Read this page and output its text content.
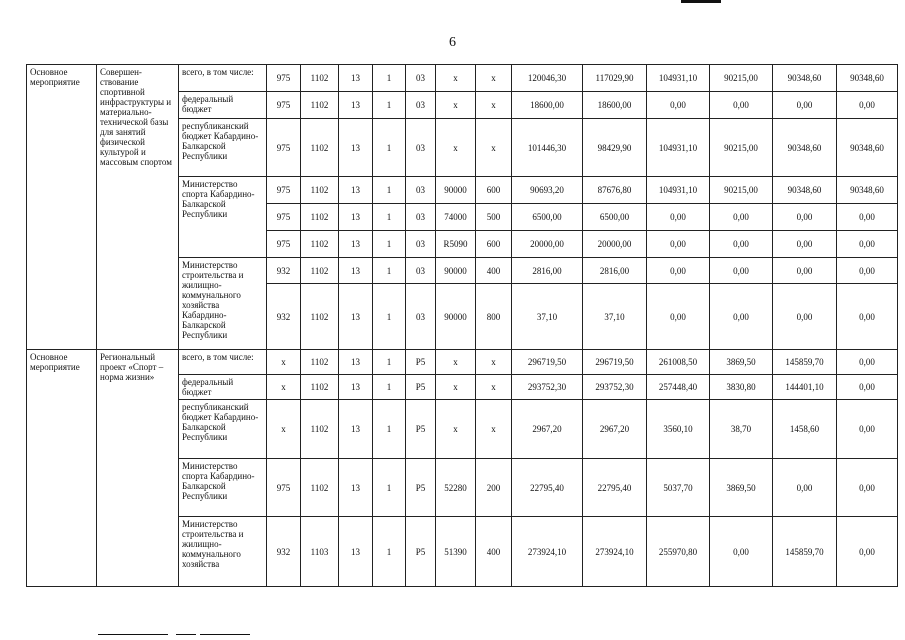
6
Основное мероприятие	Совершен-ствование спортивной инфраструктуры и материально-технической базы для занятий физической культурой и массовым спортом	всего, в том числе:	975	1102	13	1	03	х	х	120046,30	117029,90	104931,10	90215,00	90348,60	90348,60
		федеральный бюджет	975	1102	13	1	03	х	х	18600,00	18600,00	0,00	0,00	0,00	0,00
		республиканский бюджет Кабардино-Балкарской Республики	975	1102	13	1	03	х	х	101446,30	98429,90	104931,10	90215,00	90348,60	90348,60
		Министерство спорта Кабардино-Балкарской Республики	975	1102	13	1	03	90000	600	90693,20	87676,80	104931,10	90215,00	90348,60	90348,60
			975	1102	13	1	03	74000	500	6500,00	6500,00	0,00	0,00	0,00	0,00
			975	1102	13	1	03	R5090	600	20000,00	20000,00	0,00	0,00	0,00	0,00
		Министерство строительства и жилищно-коммунального хозяйства Кабардино-Балкарской Республики	932	1102	13	1	03	90000	400	2816,00	2816,00	0,00	0,00	0,00	0,00
			932	1102	13	1	03	90000	800	37,10	37,10	0,00	0,00	0,00	0,00
Основное мероприятие	Региональный проект «Спорт – норма жизни»	всего, в том числе:	х	1102	13	1	Р5	х	х	296719,50	296719,50	261008,50	3869,50	145859,70	0,00
		федеральный бюджет	х	1102	13	1	Р5	х	х	293752,30	293752,30	257448,40	3830,80	144401,10	0,00
		республиканский бюджет Кабардино-Балкарской Республики	х	1102	13	1	Р5	х	х	2967,20	2967,20	3560,10	38,70	1458,60	0,00
		Министерство спорта Кабардино-Балкарской Республики	975	1102	13	1	Р5	52280	200	22795,40	22795,40	5037,70	3869,50	0,00	0,00
		Министерство строительства и жилищно-коммунального хозяйства	932	1103	13	1	Р5	51390	400	273924,10	273924,10	255970,80	0,00	145859,70	0,00
